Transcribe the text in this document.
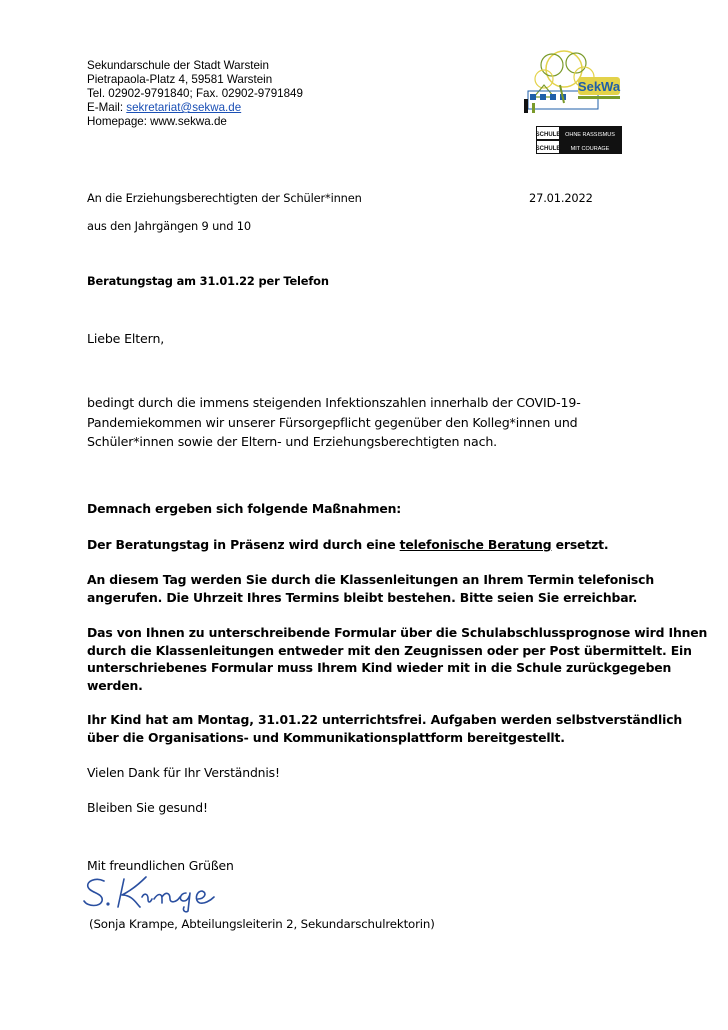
Sekundarschule der Stadt Warstein
Pietrapaola-Platz 4, 59581 Warstein
Tel. 02902-9791840; Fax. 02902-9791849
E-Mail: sekretariat@sekwa.de
Homepage: www.sekwa.de
SekWa
SCHULE OHNE RASSISMUS
SCHULE MIT COURAGE
An die Erziehungsberechtigten der Schüler*innen	27.01.2022
aus den Jahrgängen 9 und 10
Beratungstag am 31.01.22 per Telefon
Liebe Eltern,
bedingt durch die immens steigenden Infektionszahlen innerhalb der COVID-19-
Pandemiekommen wir unserer Fürsorgepflicht gegenüber den Kolleg*innen und
Schüler*innen sowie der Eltern- und Erziehungsberechtigten nach.
Demnach ergeben sich folgende Maßnahmen:
Der Beratungstag in Präsenz wird durch eine telefonische Beratung ersetzt.
An diesem Tag werden Sie durch die Klassenleitungen an Ihrem Termin telefonisch
angerufen. Die Uhrzeit Ihres Termins bleibt bestehen. Bitte seien Sie erreichbar.
Das von Ihnen zu unterschreibende Formular über die Schulabschlussprognose wird Ihnen
durch die Klassenleitungen entweder mit den Zeugnissen oder per Post übermittelt. Ein
unterschriebenes Formular muss Ihrem Kind wieder mit in die Schule zurückgegeben
werden.
Ihr Kind hat am Montag, 31.01.22 unterrichtsfrei. Aufgaben werden selbstverständlich
über die Organisations- und Kommunikationsplattform bereitgestellt.
Vielen Dank für Ihr Verständnis!
Bleiben Sie gesund!
Mit freundlichen Grüßen
(Sonja Krampe, Abteilungsleiterin 2, Sekundarschulrektorin)
